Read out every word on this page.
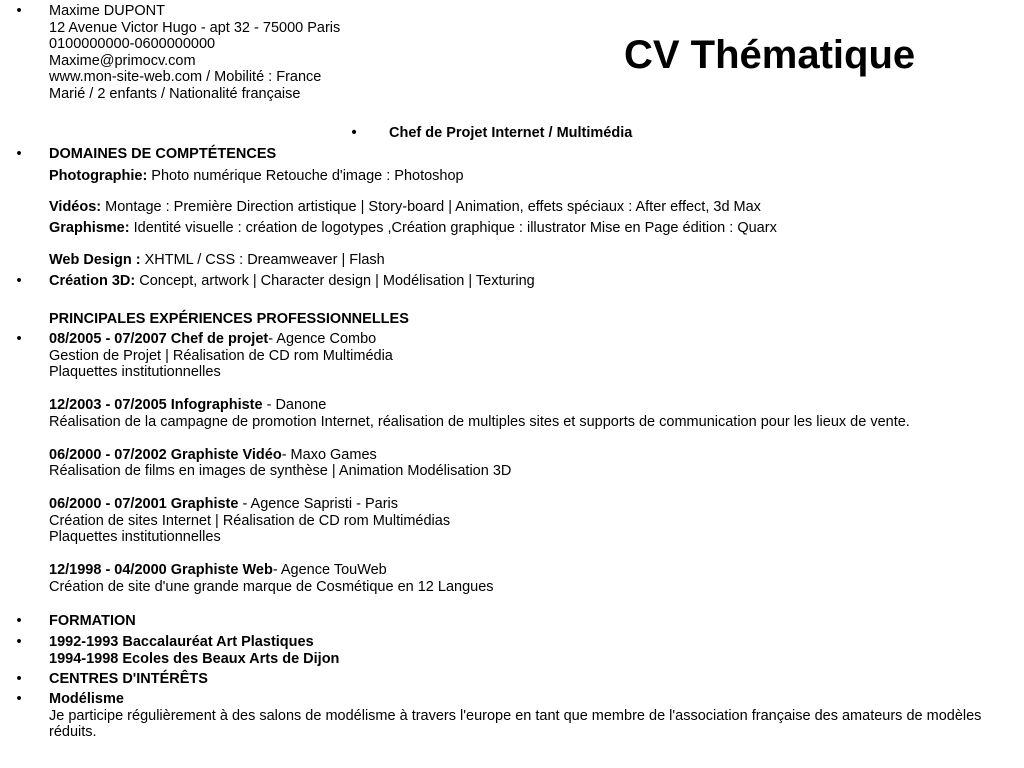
•	Maxime DUPONT
12 Avenue Victor Hugo - apt 32 - 75000 Paris
0100000000-0600000000
Maxime@primocv.com
www.mon-site-web.com / Mobilité : France
Marié / 2 enfants / Nationalité française
CV Thématique
•	Chef de Projet Internet / Multimédia
•	DOMAINES DE COMPTÉTENCES
Photographie: Photo numérique Retouche d'image : Photoshop
Vidéos: Montage : Première Direction artistique | Story-board | Animation, effets spéciaux : After effect, 3d Max
Graphisme: Identité visuelle : création de logotypes ,Création graphique : illustrator Mise en Page édition : Quarx
Web Design : XHTML / CSS : Dreamweaver | Flash
•	Création 3D: Concept, artwork | Character design | Modélisation | Texturing
PRINCIPALES EXPÉRIENCES PROFESSIONNELLES
•	08/2005 - 07/2007 Chef de projet- Agence Combo
Gestion de Projet | Réalisation de CD rom Multimédia
Plaquettes institutionnelles
12/2003 - 07/2005 Infographiste - Danone
Réalisation de la campagne de promotion Internet, réalisation de multiples sites et supports de communication pour les lieux de vente.
06/2000 - 07/2002 Graphiste Vidéo- Maxo Games
Réalisation de films en images de synthèse | Animation Modélisation 3D
06/2000 - 07/2001 Graphiste - Agence Sapristi - Paris
Création de sites Internet | Réalisation de CD rom Multimédias
Plaquettes institutionnelles
12/1998 - 04/2000 Graphiste Web- Agence TouWeb
Création de site d'une grande marque de Cosmétique en 12 Langues
•	FORMATION
•	1992-1993 Baccalauréat Art Plastiques
1994-1998 Ecoles des Beaux Arts de Dijon
•	CENTRES D'INTÉRÊTS
•	Modélisme
Je participe régulièrement à des salons de modélisme à travers l'europe en tant que membre de l'association française des amateurs de modèles réduits.
